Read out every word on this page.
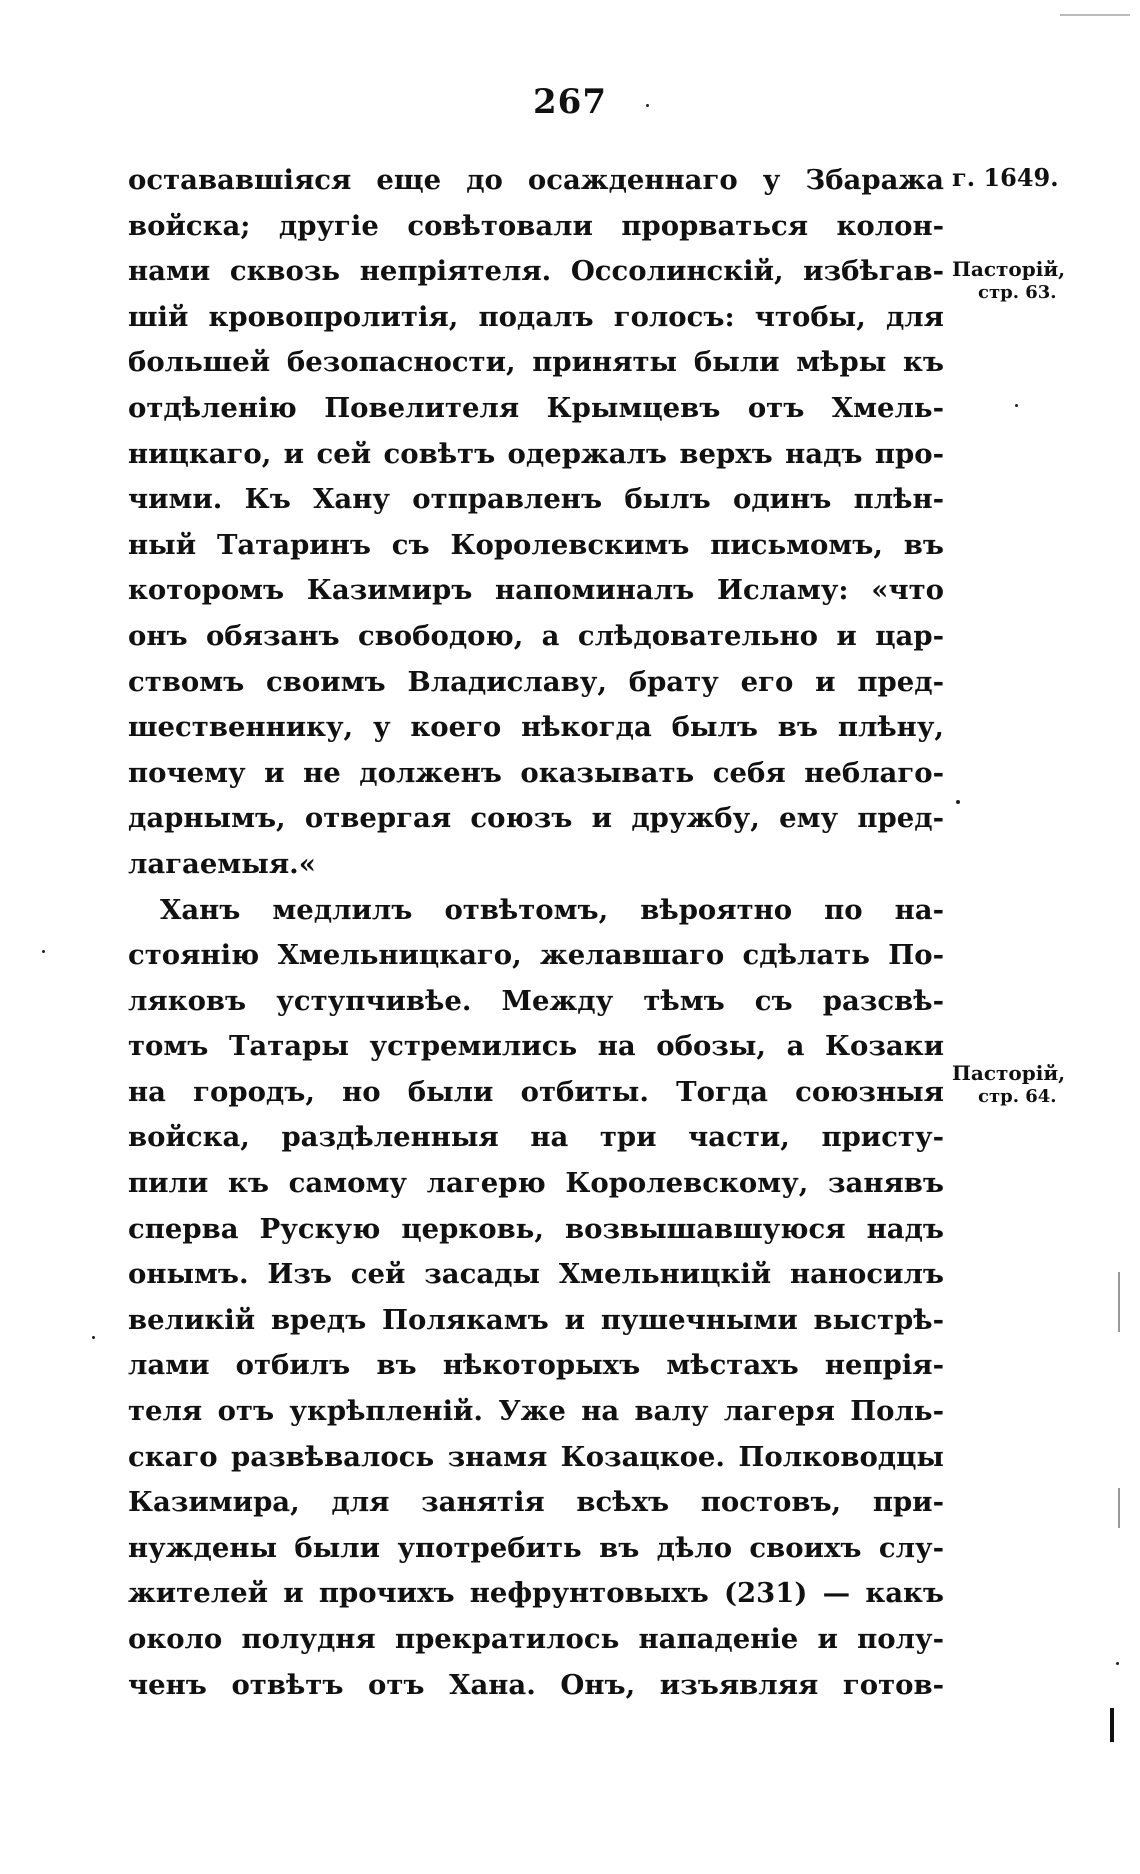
267
остававшіяся еще до осажденнаго у Збаража
войска; другіе совѣтовали прорваться колон-
нами сквозь непріятеля. Оссолинскій, избѣгав-
шій кровопролитія, подалъ голосъ: чтобы, для
большей безопасности, приняты были мѣры къ
отдѣленію Повелителя Крымцевъ отъ Хмель-
ницкаго, и сей совѣтъ одержалъ верхъ надъ про-
чими. Къ Хану отправленъ былъ одинъ плѣн-
ный Татаринъ съ Королевскимъ письмомъ, въ
которомъ Казимиръ напоминалъ Исламу: «что
онъ обязанъ свободою, а слѣдовательно и цар-
ствомъ своимъ Владиславу, брату его и пред-
шественнику, у коего нѣкогда былъ въ плѣну,
почему и не долженъ оказывать себя неблаго-
дарнымъ, отвергая союзъ и дружбу, ему пред-
лагаемыя.«
Ханъ медлилъ отвѣтомъ, вѣроятно по на-
стоянію Хмельницкаго, желавшаго сдѣлать По-
ляковъ уступчивѣе. Между тѣмъ съ разсвѣ-
томъ Татары устремились на обозы, а Козаки
на городъ, но были отбиты. Тогда союзныя
войска, раздѣленныя на три части, присту-
пили къ самому лагерю Королевскому, занявъ
сперва Рускую церковь, возвышавшуюся надъ
онымъ. Изъ сей засады Хмельницкій наносилъ
великій вредъ Полякамъ и пушечными выстрѣ-
лами отбилъ въ нѣкоторыхъ мѣстахъ непрія-
теля отъ укрѣпленій. Уже на валу лагеря Поль-
скаго развѣвалось знамя Козацкое. Полководцы
Казимира, для занятія всѣхъ постовъ, при-
нуждены были употребить въ дѣло своихъ слу-
жителей и прочихъ нефрунтовыхъ (231) — какъ
около полудня прекратилось нападеніе и полу-
ченъ отвѣтъ отъ Хана. Онъ, изъявляя готов-
г. 1649.
Пасторій,
стр. 63.
Пасторій,
стр. 64.
